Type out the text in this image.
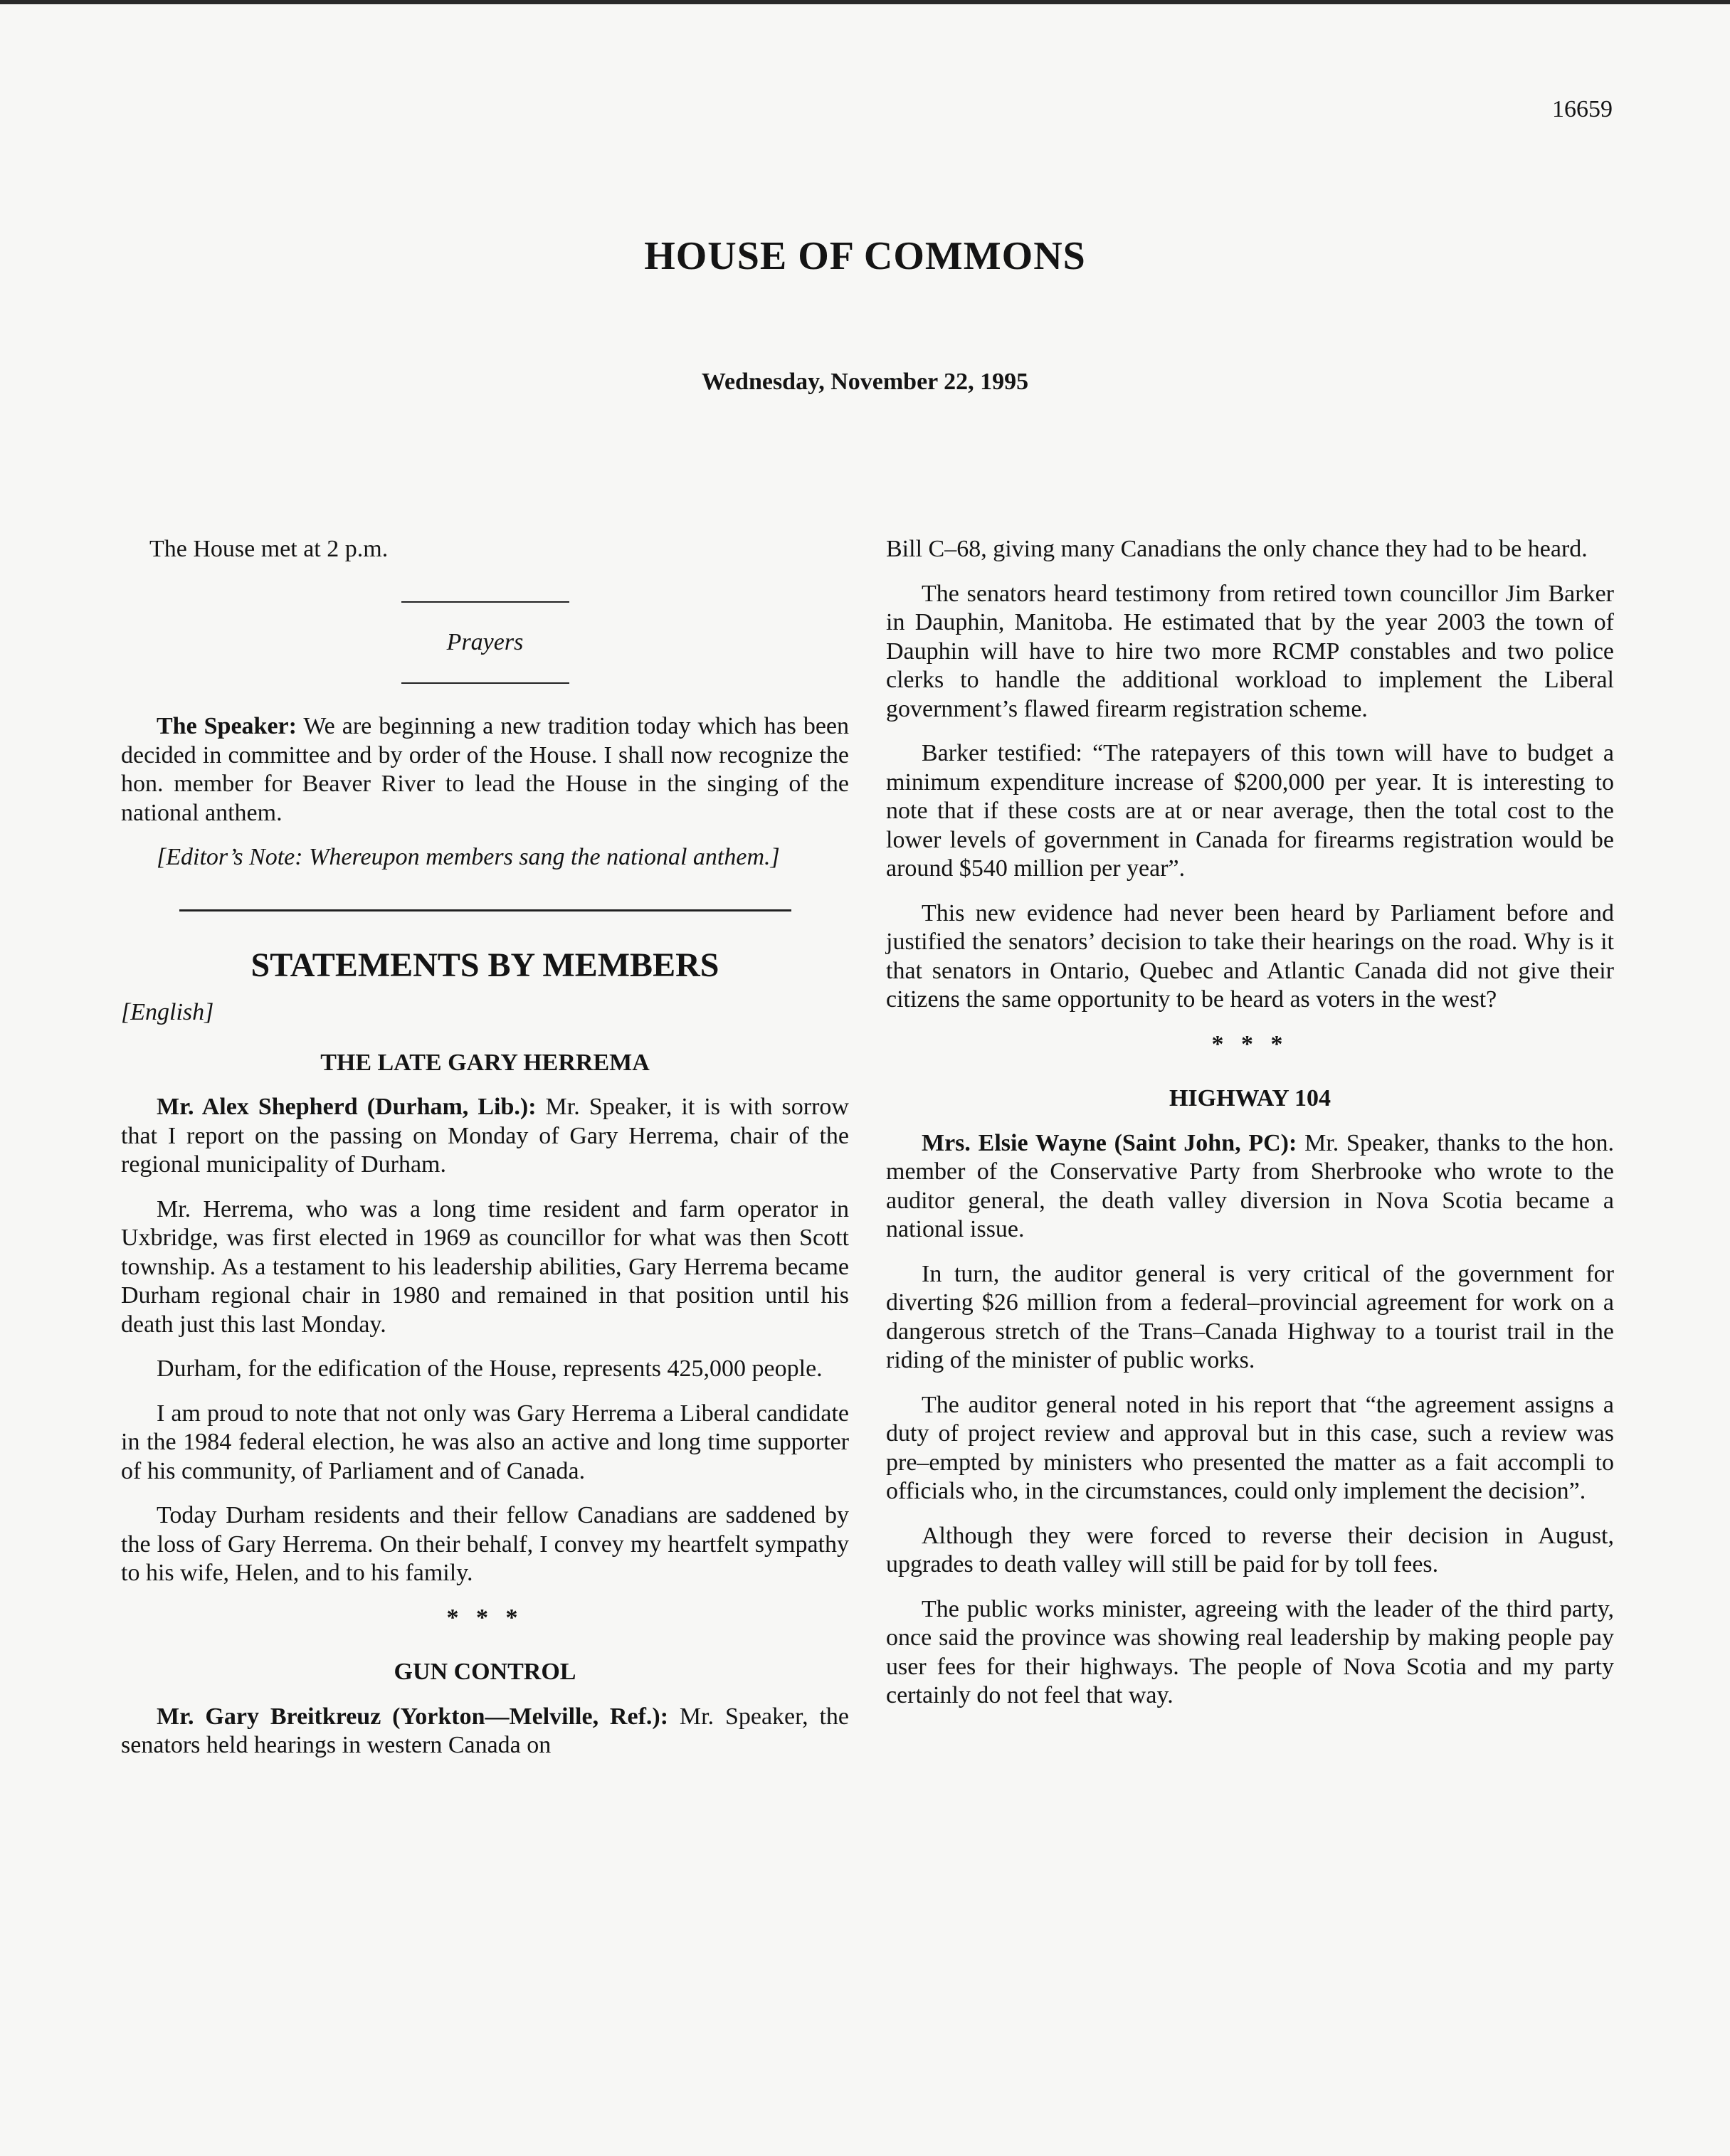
16659
HOUSE OF COMMONS
Wednesday, November 22, 1995

The House met at 2 p.m.

Prayers

The Speaker: We are beginning a new tradition today which has been decided in committee and by order of the House. I shall now recognize the hon. member for Beaver River to lead the House in the singing of the national anthem.

[Editor’s Note: Whereupon members sang the national anthem.]

STATEMENTS BY MEMBERS

[English]

THE LATE GARY HERREMA

Mr. Alex Shepherd (Durham, Lib.): Mr. Speaker, it is with sorrow that I report on the passing on Monday of Gary Herrema, chair of the regional municipality of Durham.

Mr. Herrema, who was a long time resident and farm operator in Uxbridge, was first elected in 1969 as councillor for what was then Scott township. As a testament to his leadership abilities, Gary Herrema became Durham regional chair in 1980 and remained in that position until his death just this last Monday.

Durham, for the edification of the House, represents 425,000 people.

I am proud to note that not only was Gary Herrema a Liberal candidate in the 1984 federal election, he was also an active and long time supporter of his community, of Parliament and of Canada.

Today Durham residents and their fellow Canadians are saddened by the loss of Gary Herrema. On their behalf, I convey my heartfelt sympathy to his wife, Helen, and to his family.

* * *
GUN CONTROL

Mr. Gary Breitkreuz (Yorkton—Melville, Ref.): Mr. Speaker, the senators held hearings in western Canada on

Bill C–68, giving many Canadians the only chance they had to be heard.

The senators heard testimony from retired town councillor Jim Barker in Dauphin, Manitoba. He estimated that by the year 2003 the town of Dauphin will have to hire two more RCMP constables and two police clerks to handle the additional workload to implement the Liberal government’s flawed firearm registration scheme.

Barker testified: “The ratepayers of this town will have to budget a minimum expenditure increase of $200,000 per year. It is interesting to note that if these costs are at or near average, then the total cost to the lower levels of government in Canada for firearms registration would be around $540 million per year”.

This new evidence had never been heard by Parliament before and justified the senators’ decision to take their hearings on the road. Why is it that senators in Ontario, Quebec and Atlantic Canada did not give their citizens the same opportunity to be heard as voters in the west?

* * *
HIGHWAY 104

Mrs. Elsie Wayne (Saint John, PC): Mr. Speaker, thanks to the hon. member of the Conservative Party from Sherbrooke who wrote to the auditor general, the death valley diversion in Nova Scotia became a national issue.

In turn, the auditor general is very critical of the government for diverting $26 million from a federal–provincial agreement for work on a dangerous stretch of the Trans–Canada Highway to a tourist trail in the riding of the minister of public works.

The auditor general noted in his report that “the agreement assigns a duty of project review and approval but in this case, such a review was pre–empted by ministers who presented the matter as a fait accompli to officials who, in the circumstances, could only implement the decision”.

Although they were forced to reverse their decision in August, upgrades to death valley will still be paid for by toll fees.

The public works minister, agreeing with the leader of the third party, once said the province was showing real leadership by making people pay user fees for their highways. The people of Nova Scotia and my party certainly do not feel that way.
